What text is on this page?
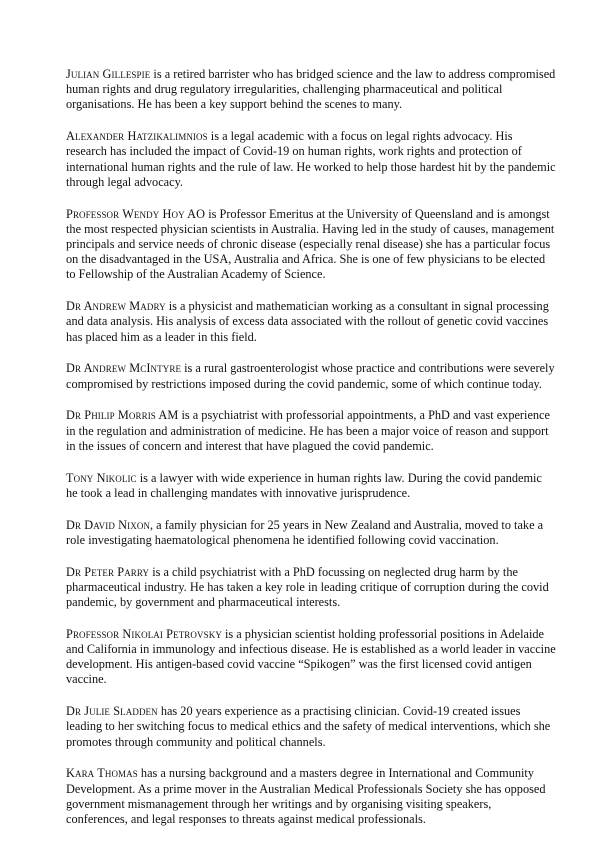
Julian Gillespie is a retired barrister who has bridged science and the law to address compromised human rights and drug regulatory irregularities, challenging pharmaceutical and political organisations. He has been a key support behind the scenes to many.

Alexander Hatzikalimnios is a legal academic with a focus on legal rights advocacy. His research has included the impact of Covid-19 on human rights, work rights and protection of international human rights and the rule of law. He worked to help those hardest hit by the pandemic through legal advocacy.

Professor Wendy Hoy AO is Professor Emeritus at the University of Queensland and is amongst the most respected physician scientists in Australia. Having led in the study of causes, management principals and service needs of chronic disease (especially renal disease) she has a particular focus on the disadvantaged in the USA, Australia and Africa. She is one of few physicians to be elected to Fellowship of the Australian Academy of Science.

Dr Andrew Madry is a physicist and mathematician working as a consultant in signal processing and data analysis. His analysis of excess data associated with the rollout of genetic covid vaccines has placed him as a leader in this field.

Dr Andrew McIntyre is a rural gastroenterologist whose practice and contributions were severely compromised by restrictions imposed during the covid pandemic, some of which continue today.

Dr Philip Morris AM is a psychiatrist with professorial appointments, a PhD and vast experience in the regulation and administration of medicine. He has been a major voice of reason and support in the issues of concern and interest that have plagued the covid pandemic.

Tony Nikolic is a lawyer with wide experience in human rights law. During the covid pandemic he took a lead in challenging mandates with innovative jurisprudence.

Dr David Nixon, a family physician for 25 years in New Zealand and Australia, moved to take a role investigating haematological phenomena he identified following covid vaccination.

Dr Peter Parry is a child psychiatrist with a PhD focussing on neglected drug harm by the pharmaceutical industry. He has taken a key role in leading critique of corruption during the covid pandemic, by government and pharmaceutical interests.

Professor Nikolai Petrovsky is a physician scientist holding professorial positions in Adelaide and California in immunology and infectious disease. He is established as a world leader in vaccine development. His antigen-based covid vaccine “Spikogen” was the first licensed covid antigen vaccine.

Dr Julie Sladden has 20 years experience as a practising clinician. Covid-19 created issues leading to her switching focus to medical ethics and the safety of medical interventions, which she promotes through community and political channels.

Kara Thomas has a nursing background and a masters degree in International and Community Development. As a prime mover in the Australian Medical Professionals Society she has opposed government mismanagement through her writings and by organising visiting speakers, conferences, and legal responses to threats against medical professionals.
